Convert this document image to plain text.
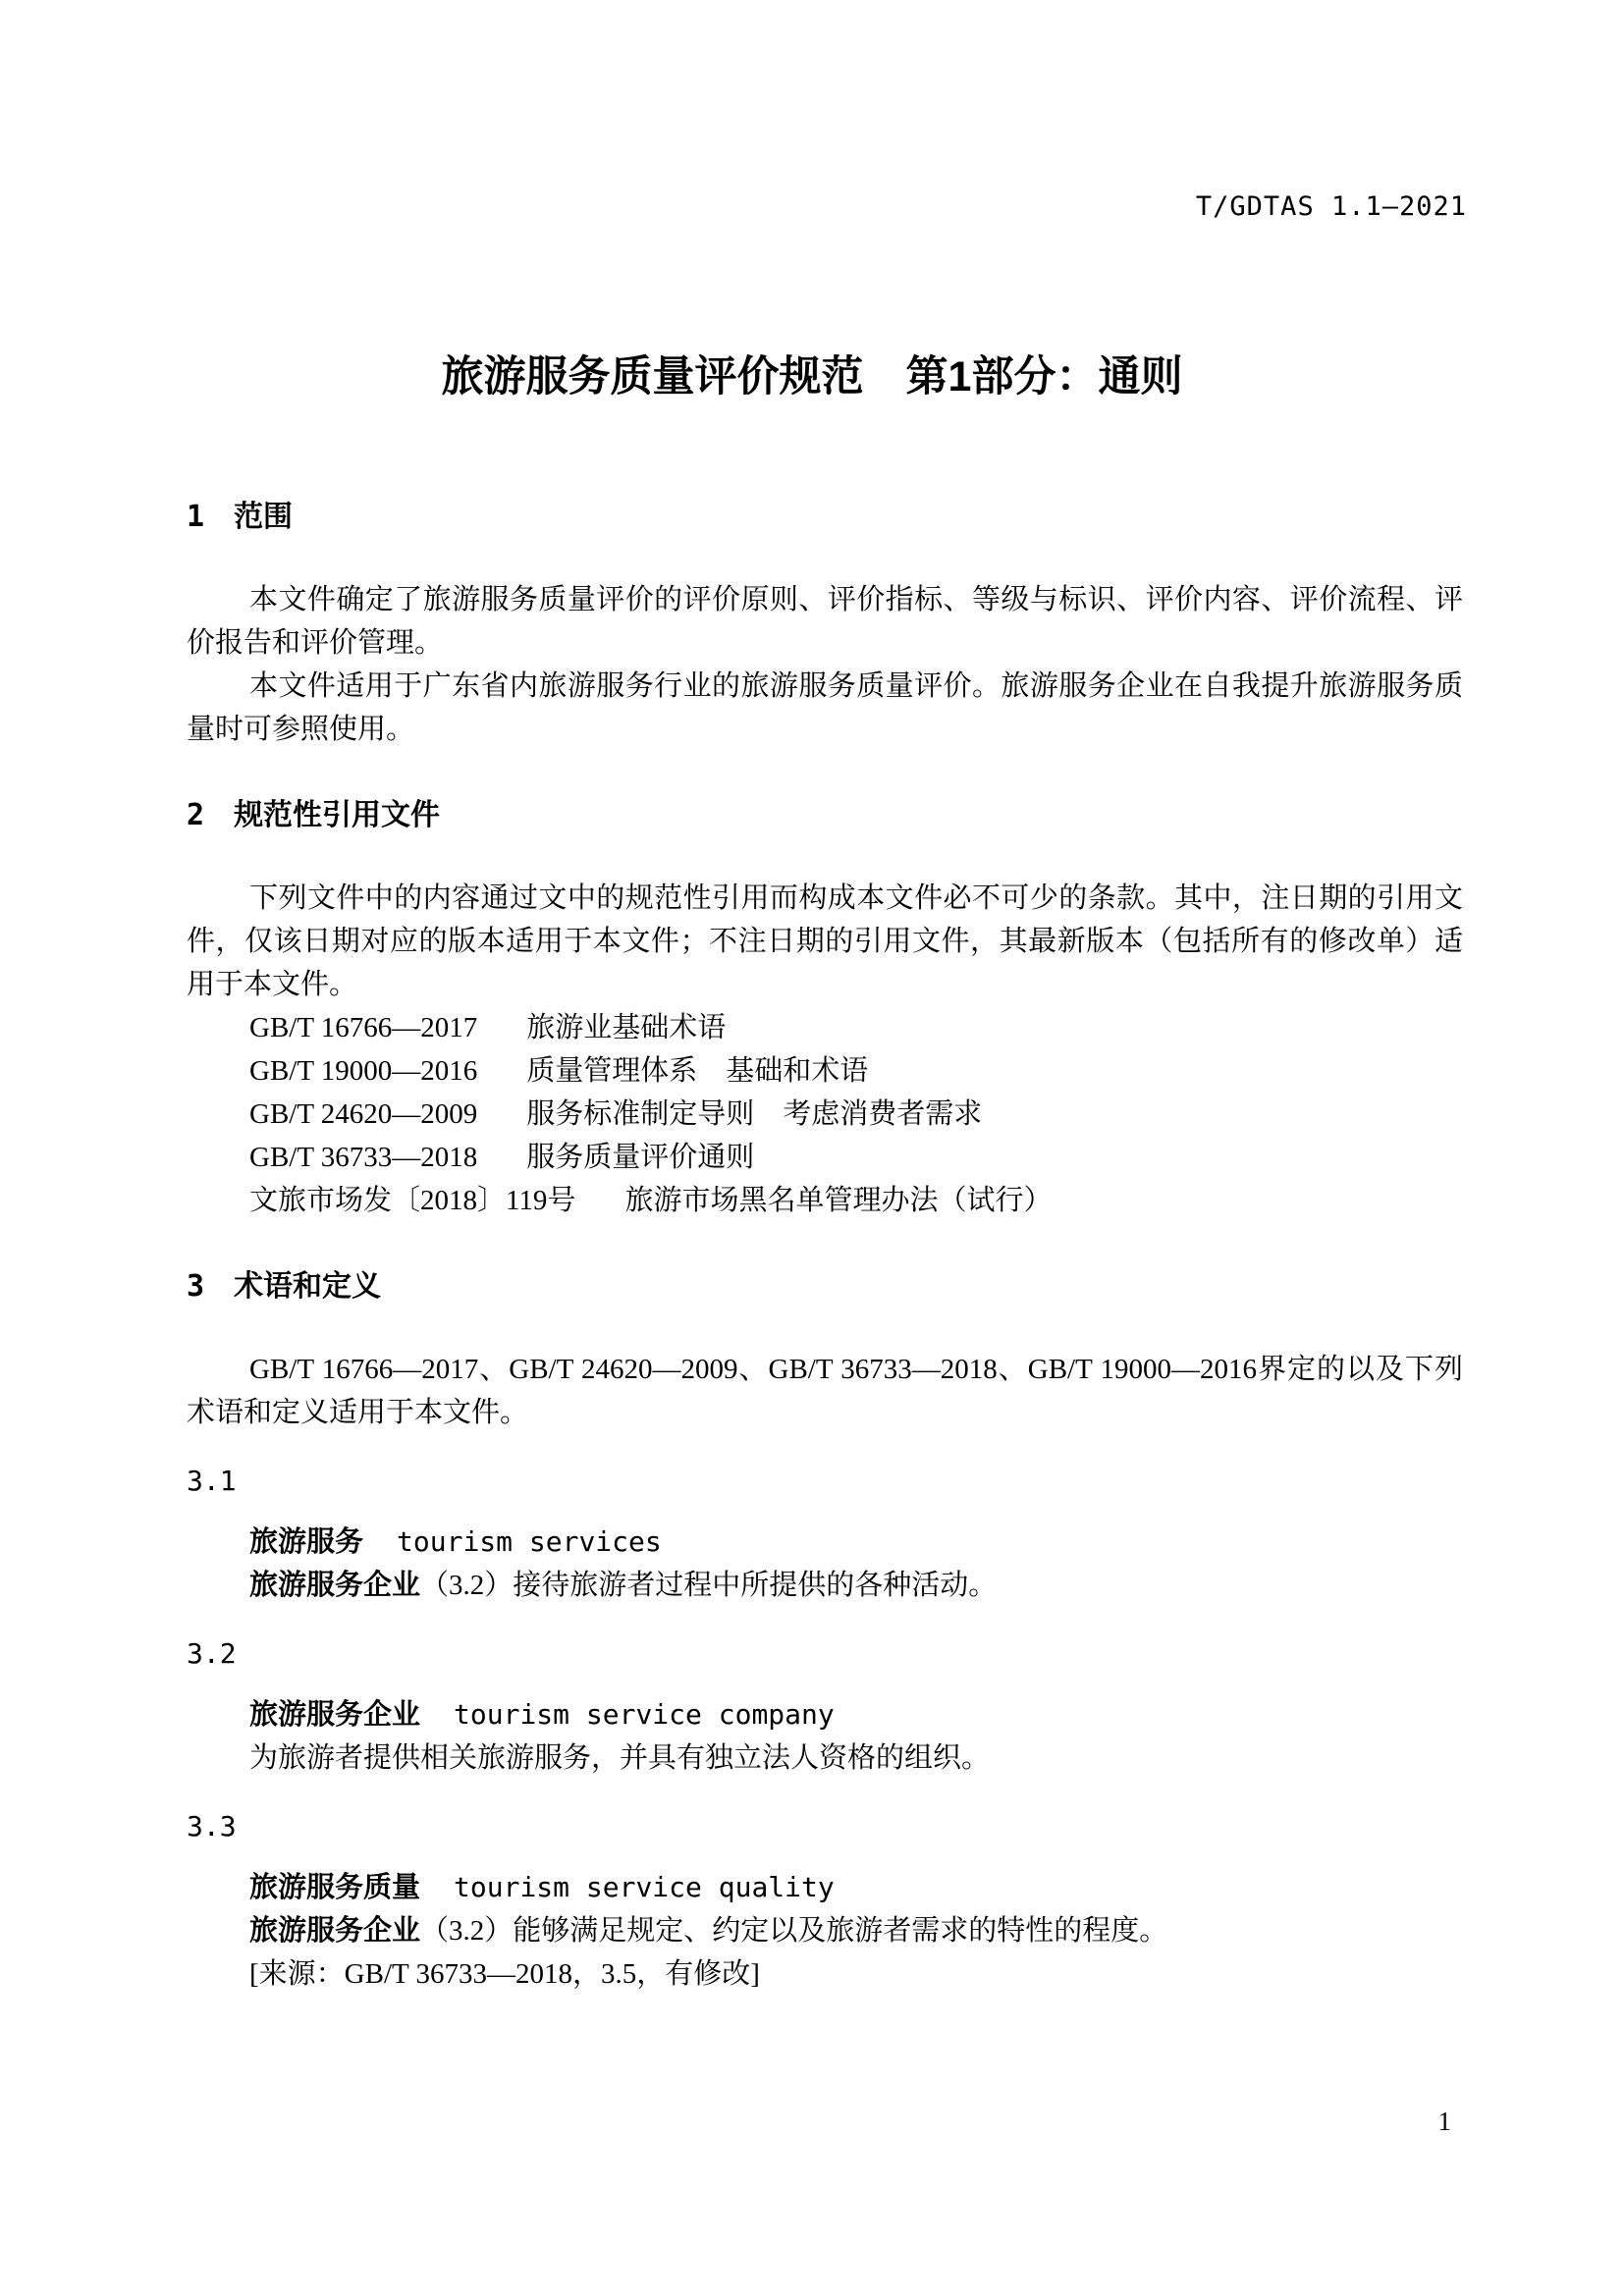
T/GDTAS 1.1—2021
旅游服务质量评价规范　第1部分：通则
1 范围

本文件确定了旅游服务质量评价的评价原则、评价指标、等级与标识、评价内容、评价流程、评价报告和评价管理。

本文件适用于广东省内旅游服务行业的旅游服务质量评价。旅游服务企业在自我提升旅游服务质量时可参照使用。

2 规范性引用文件

下列文件中的内容通过文中的规范性引用而构成本文件必不可少的条款。其中，注日期的引用文件，仅该日期对应的版本适用于本文件；不注日期的引用文件，其最新版本（包括所有的修改单）适用于本文件。

GB/T 16766—2017 旅游业基础术语
GB/T 19000—2016 质量管理体系　基础和术语
GB/T 24620—2009 服务标准制定导则　考虑消费者需求
GB/T 36733—2018 服务质量评价通则
文旅市场发〔2018〕119号 旅游市场黑名单管理办法（试行）
3 术语和定义

GB/T 16766—2017、GB/T 24620—2009、GB/T 36733—2018、GB/T 19000—2016界定的以及下列术语和定义适用于本文件。

3.1
旅游服务 tourism services
旅游服务企业（3.2）接待旅游者过程中所提供的各种活动。
3.2
旅游服务企业 tourism service company
为旅游者提供相关旅游服务，并具有独立法人资格的组织。
3.3
旅游服务质量 tourism service quality
旅游服务企业（3.2）能够满足规定、约定以及旅游者需求的特性的程度。
[来源：GB/T 36733—2018，3.5，有修改]
1
